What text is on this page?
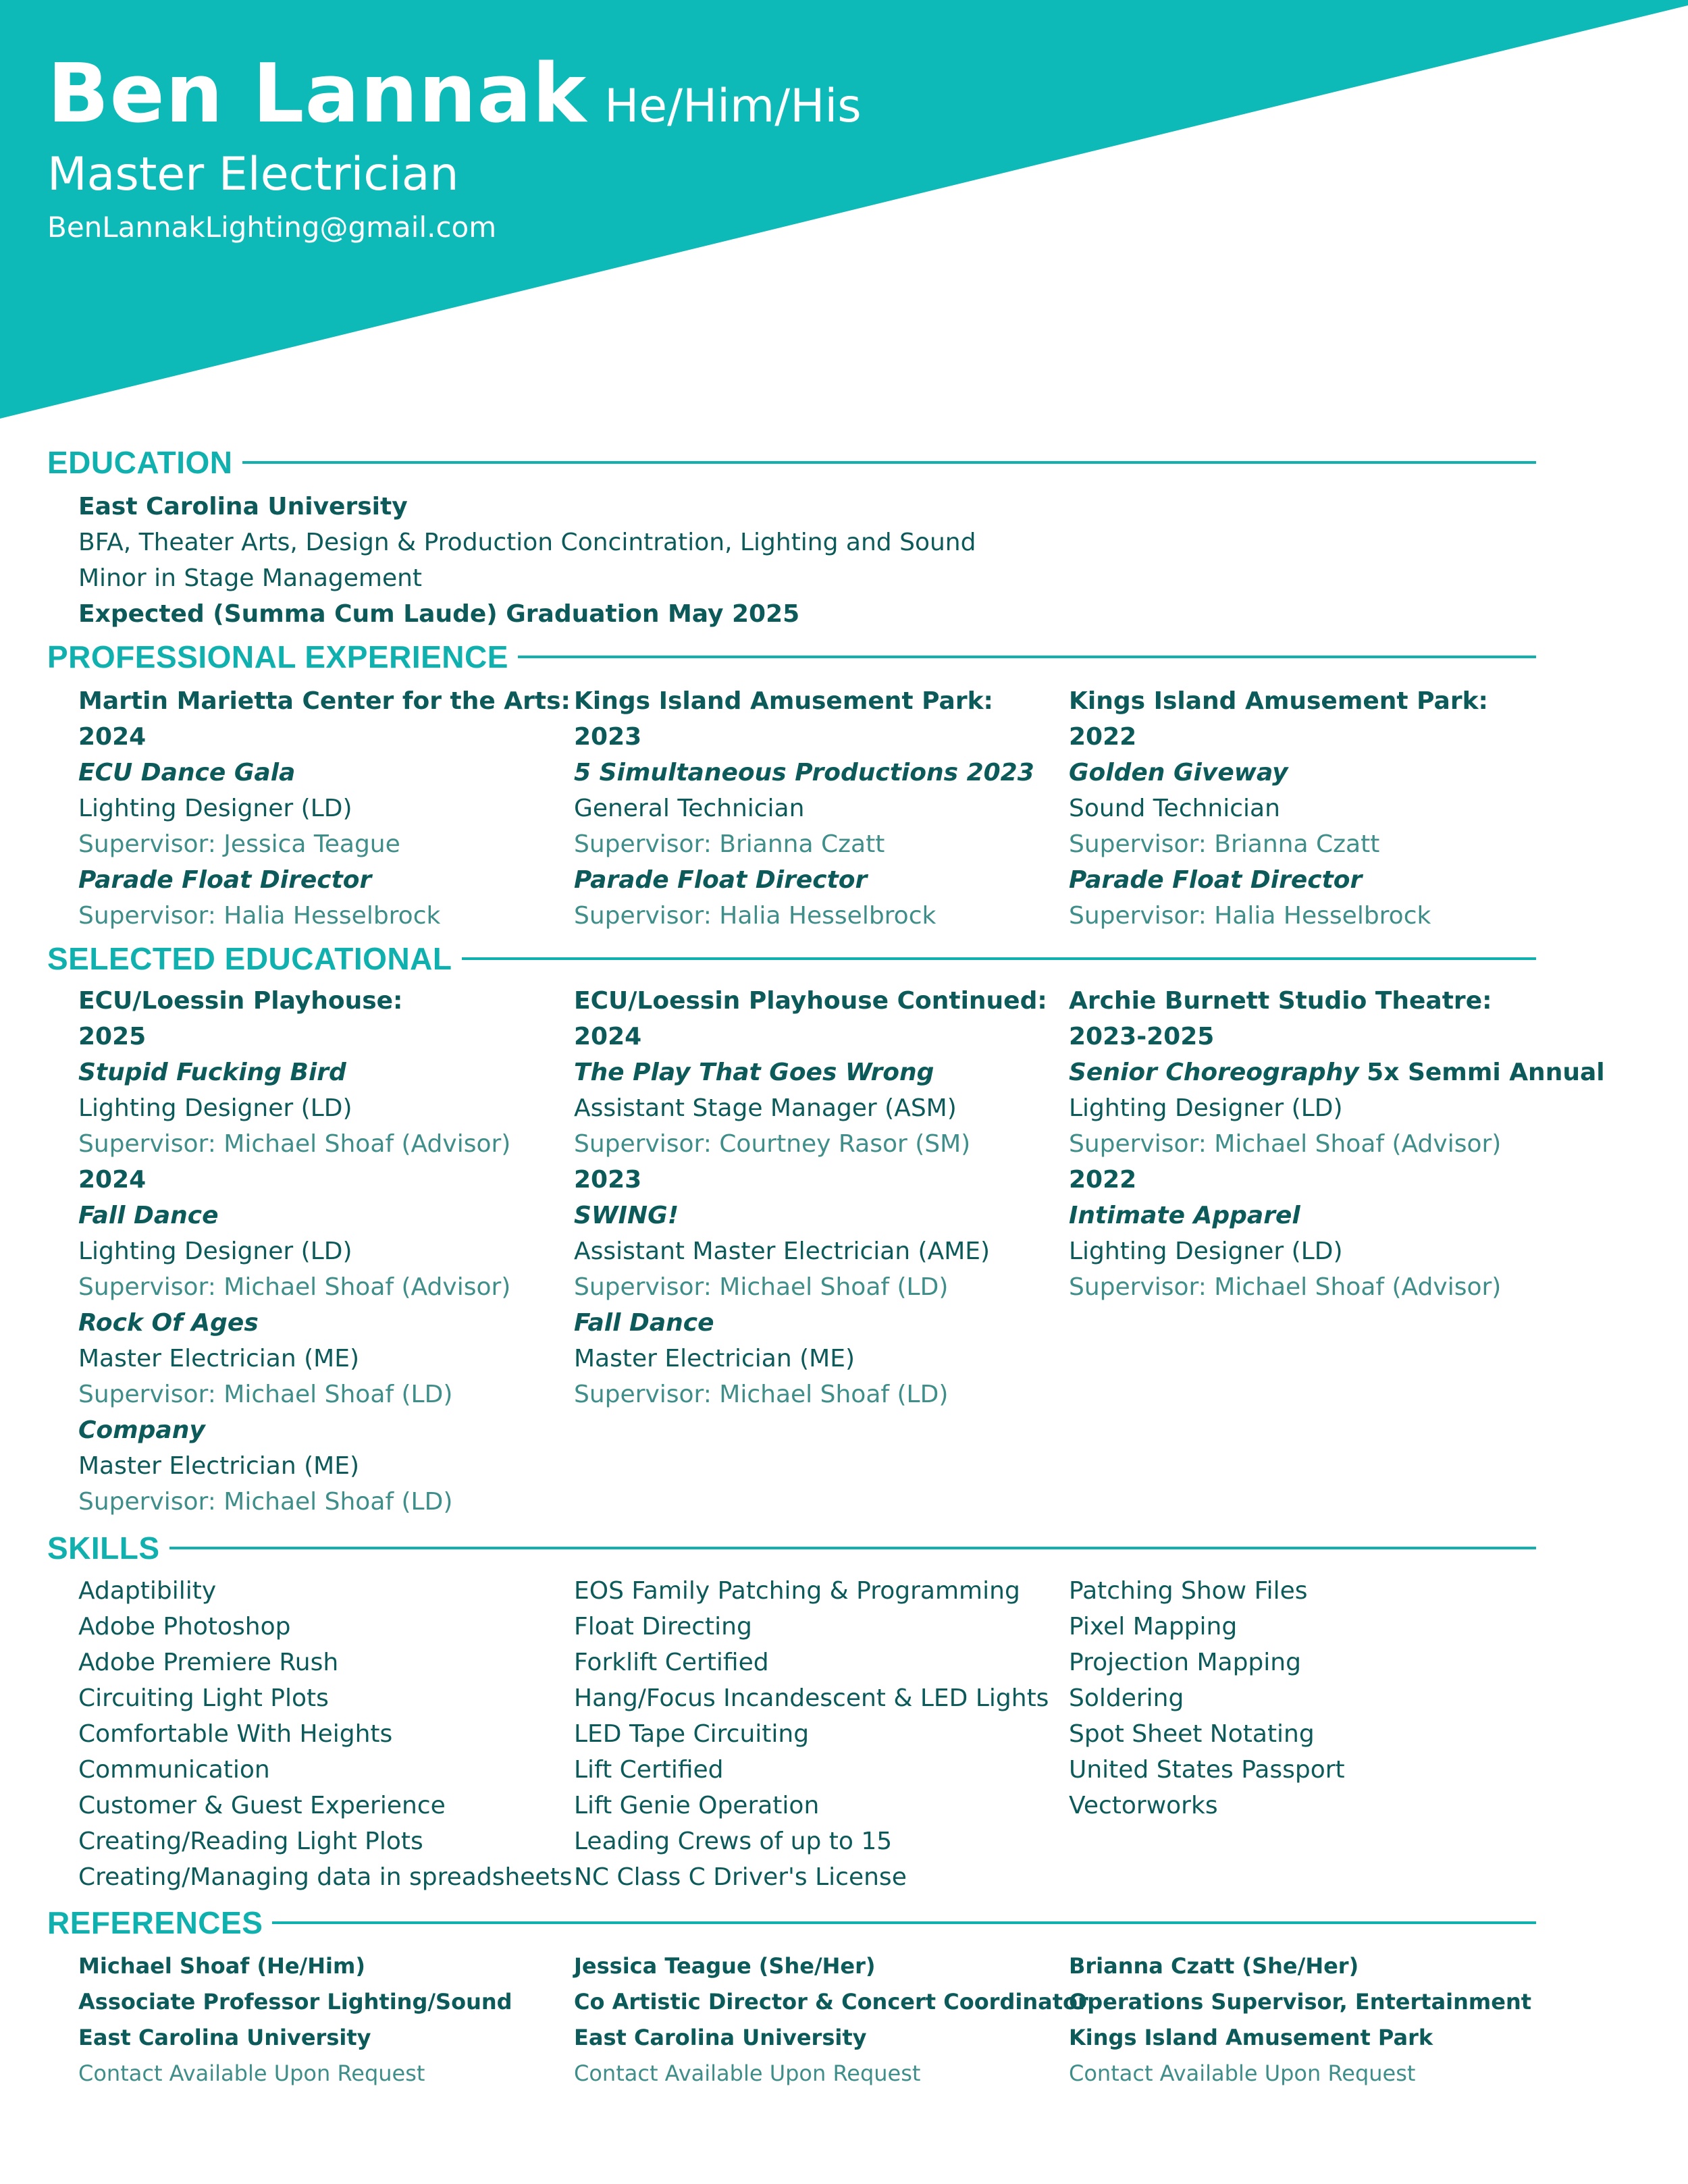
Ben Lannak He/Him/His
Master Electrician
BenLannakLighting@gmail.com
EDUCATION
East Carolina University
BFA, Theater Arts, Design & Production Concintration, Lighting and Sound
Minor in Stage Management
Expected (Summa Cum Laude) Graduation May 2025
PROFESSIONAL EXPERIENCE
Martin Marietta Center for the Arts:
2024
ECU Dance Gala
Lighting Designer (LD)
Supervisor: Jessica Teague
Parade Float Director
Supervisor: Halia Hesselbrock
Kings Island Amusement Park:
2023
5 Simultaneous Productions 2023
General Technician
Supervisor: Brianna Czatt
Parade Float Director
Supervisor: Halia Hesselbrock
Kings Island Amusement Park:
2022
Golden Giveway
Sound Technician
Supervisor: Brianna Czatt
Parade Float Director
Supervisor: Halia Hesselbrock
SELECTED EDUCATIONAL
ECU/Loessin Playhouse:
2025
Stupid Fucking Bird
Lighting Designer (LD)
Supervisor: Michael Shoaf (Advisor)
2024
Fall Dance
Lighting Designer (LD)
Supervisor: Michael Shoaf (Advisor)
Rock Of Ages
Master Electrician (ME)
Supervisor: Michael Shoaf (LD)
Company
Master Electrician (ME)
Supervisor: Michael Shoaf (LD)
ECU/Loessin Playhouse Continued:
2024
The Play That Goes Wrong
Assistant Stage Manager (ASM)
Supervisor: Courtney Rasor (SM)
2023
SWING!
Assistant Master Electrician (AME)
Supervisor: Michael Shoaf (LD)
Fall Dance
Master Electrician (ME)
Supervisor: Michael Shoaf (LD)
Archie Burnett Studio Theatre:
2023-2025
Senior Choreography 5x Semmi Annual
Lighting Designer (LD)
Supervisor: Michael Shoaf (Advisor)
2022
Intimate Apparel
Lighting Designer (LD)
Supervisor: Michael Shoaf (Advisor)
SKILLS
Adaptibility
Adobe Photoshop
Adobe Premiere Rush
Circuiting Light Plots
Comfortable With Heights
Communication
Customer & Guest Experience
Creating/Reading Light Plots
Creating/Managing data in spreadsheets
EOS Family Patching & Programming
Float Directing
Forklift Certified
Hang/Focus Incandescent & LED Lights
LED Tape Circuiting
Lift Certified
Lift Genie Operation
Leading Crews of up to 15
NC Class C Driver's License
Patching Show Files
Pixel Mapping
Projection Mapping
Soldering
Spot Sheet Notating
United States Passport
Vectorworks
REFERENCES
Michael Shoaf (He/Him)
Associate Professor Lighting/Sound
East Carolina University
Contact Available Upon Request
Jessica Teague (She/Her)
Co Artistic Director & Concert Coordinator
East Carolina University
Contact Available Upon Request
Brianna Czatt (She/Her)
Operations Supervisor, Entertainment
Kings Island Amusement Park
Contact Available Upon Request
